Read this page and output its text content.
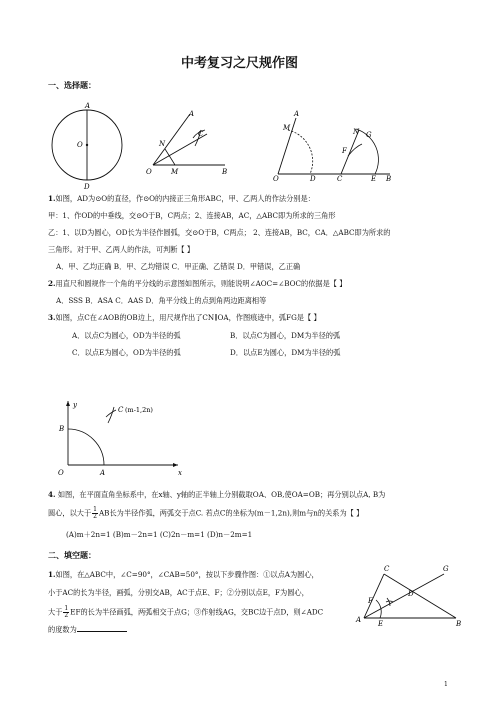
中考复习之尺规作图
一、选择题：
A
O
D
A
N
C
O	M	B
A
M
O	D
N G
F
C	E B
1.如图，AD为⊙O的直径，作⊙O的内接正三角形ABC，甲、乙两人的作法分别是：
甲：1、作OD的中垂线，交⊙O于B，C两点；2、连接AB，AC，△ABC即为所求的三角形
乙：1、以D为圆心，OD长为半径作圆弧，交⊙O于B，C两点； 2、连接AB，BC，CA．△ABC即为所求的
三角形。对于甲、乙两人的作法，可判断【 】
A．甲、乙均正确 B．甲、乙均错误 C．甲正确、乙错误 D．甲错误，乙正确
2.用直尺和圆规作一个角的平分线的示意图如图所示，则能说明∠AOC=∠BOC的依据是【 】
A．SSS B．ASA C．AAS D．角平分线上的点到角两边距离相等
3.如图，点C在∠AOB的OB边上，用尺规作出了CN∥OA，作图痕迹中，弧FG是【 】
A．以点C为圆心，OD为半径的弧	B．以点C为圆心，DM为半径的弧
C．以点E为圆心，OD为半径的弧	D．以点E为圆心，DM为半径的弧
y
C (m-1,2n)
B
O	A	x
4. 如图，在平面直角坐标系中，在x轴、y轴的正半轴上分别截取OA、OB,使OA=OB；再分别以点A, B为
圆心，以大于 $\frac{1}{2}$ AB长为半径作弧，两弧交于点C. 若点C的坐标为(m－1,2n),则m与n的关系为【 】
(A)m＋2n=1 (B)m－2n=1 (C)2n－m=1 (D)n－2m=1
二、填空题：
C	G
F
D
A E	B
1.如图，在△ABC中，∠C=90°，∠CAB=50°，按以下步骤作图：①以点A为圆心，
小于AC的长为半径，画弧，分别交AB，AC于点E、F；②分别以点E，F为圆心，
大于 $\frac{1}{2}$ EF的长为半径画弧，两弧相交于点G；③作射线AG，交BC边于点D，则∠ADC
的度数为
1
